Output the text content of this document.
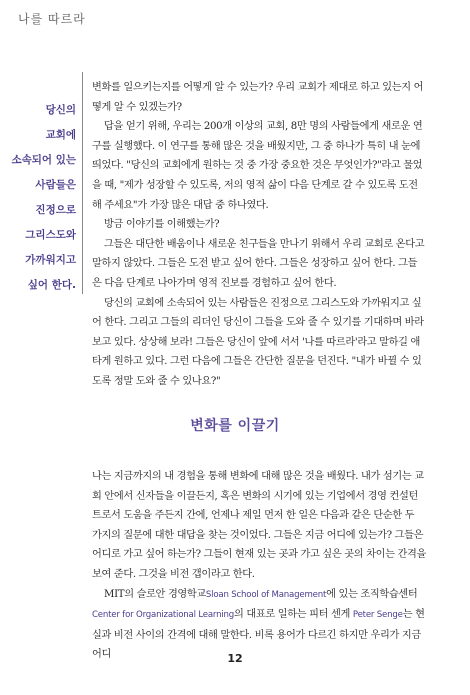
나를 따르라
당신의
교회에
소속되어 있는
사람들은
진정으로
그리스도와
가까워지고
싶어 한다.

변화를 일으키는지를 어떻게 알 수 있는가? 우리 교회가 제대로 하고 있는지 어떻게 알 수 있겠는가?

답을 얻기 위해, 우리는 200개 이상의 교회, 8만 명의 사람들에게 새로운 연구를 실행했다. 이 연구를 통해 많은 것을 배웠지만, 그 중 하나가 특히 내 눈에 띄었다. "당신의 교회에게 원하는 것 중 가장 중요한 것은 무엇인가?"라고 물었을 때, "제가 성장할 수 있도록, 저의 영적 삶이 다음 단계로 갈 수 있도록 도전해 주세요"가 가장 많은 대답 중 하나였다.

방금 이야기를 이해했는가?

그들은 대단한 배움이나 새로운 친구들을 만나기 위해서 우리 교회로 온다고 말하지 않았다. 그들은 도전 받고 싶어 한다. 그들은 성장하고 싶어 한다. 그들은 다음 단계로 나아가며 영적 진보를 경험하고 싶어 한다.

당신의 교회에 소속되어 있는 사람들은 진정으로 그리스도와 가까워지고 싶어 한다. 그리고 그들의 리더인 당신이 그들을 도와 줄 수 있기를 기대하며 바라보고 있다. 상상해 보라! 그들은 당신이 앞에 서서 '나를 따르라'라고 말하길 애타게 원하고 있다. 그런 다음에 그들은 간단한 질문을 던진다. "내가 바뀔 수 있도록 정말 도와 줄 수 있나요?"

변화를 이끌기

나는 지금까지의 내 경험을 통해 변화에 대해 많은 것을 배웠다. 내가 섬기는 교회 안에서 신자들을 이끌든지, 혹은 변화의 시기에 있는 기업에서 경영 컨설턴트로서 도움을 주든지 간에, 언제나 제일 먼저 한 일은 다음과 같은 단순한 두 가지의 질문에 대한 대답을 찾는 것이었다. 그들은 지금 어디에 있는가? 그들은 어디로 가고 싶어 하는가? 그들이 현재 있는 곳과 가고 싶은 곳의 차이는 간격을 보여 준다. 그것을 비전 갭이라고 한다.

MIT의 슬로안 경영학교Sloan School of Management에 있는 조직학습센터 Center for Organizational Learning의 대표로 일하는 피터 센게 Peter Senge는 현실과 비전 사이의 간격에 대해 말한다. 비록 용어가 다르긴 하지만 우리가 지금 어디	12
